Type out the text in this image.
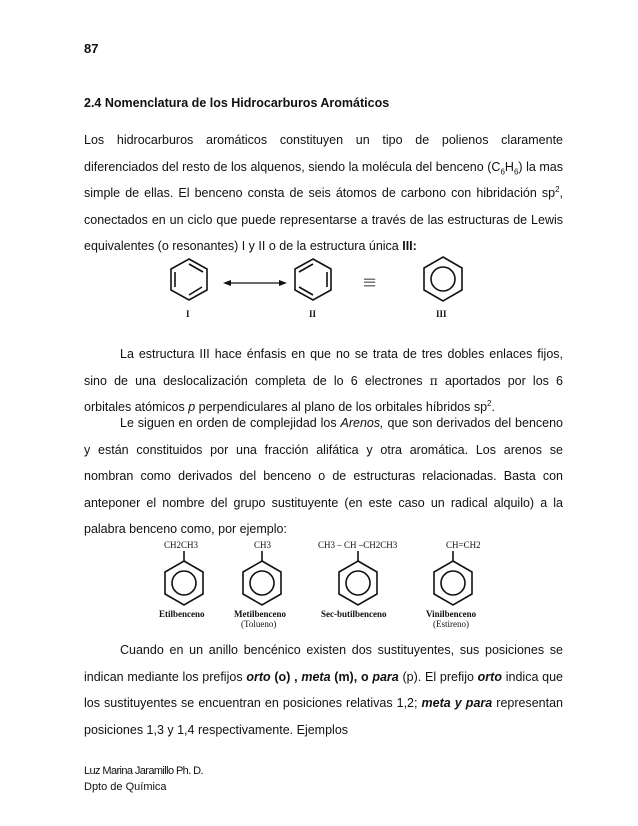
87
2.4 Nomenclatura de los Hidrocarburos Aromáticos

Los hidrocarburos aromáticos constituyen un tipo de polienos claramente diferenciados del resto de los alquenos, siendo la molécula del benceno $(C_6H_6)$ la mas simple de ellas. El benceno consta de seis átomos de carbono con hibridación $sp^2$, conectados en un ciclo que puede representarse a través de las estructuras de Lewis equivalentes (o resonantes) I y II o de la estructura única III:

I	II
≡
III

La estructura III hace énfasis en que no se trata de tres dobles enlaces fijos, sino de una deslocalización completa de lo 6 electrones π aportados por los 6 orbitales atómicos p perpendiculares al plano de los orbitales híbridos $sp^2$.

Le siguen en orden de complejidad los Arenos, que son derivados del benceno y están constituidos por una fracción alifática y otra aromática. Los arenos se nombran como derivados del benceno o de estructuras relacionadas. Basta con anteponer el nombre del grupo sustituyente (en este caso un radical alquilo) a la palabra benceno como, por ejemplo:

CH2CH3
Etilbenceno
CH3
Metilbenceno
(Tolueno)
CH3 – CH –CH2CH3
Sec-butilbenceno
CH=CH2
Vinilbenceno
(Estireno)

Cuando en un anillo bencénico existen dos sustituyentes, sus posiciones se indican mediante los prefijos orto (o) , meta (m), o para (p). El prefijo orto indica que los sustituyentes se encuentran en posiciones relativas 1,2; meta y para representan posiciones 1,3 y 1,4 respectivamente. Ejemplos

Luz Marina Jaramillo Ph. D.
Dpto de Química
